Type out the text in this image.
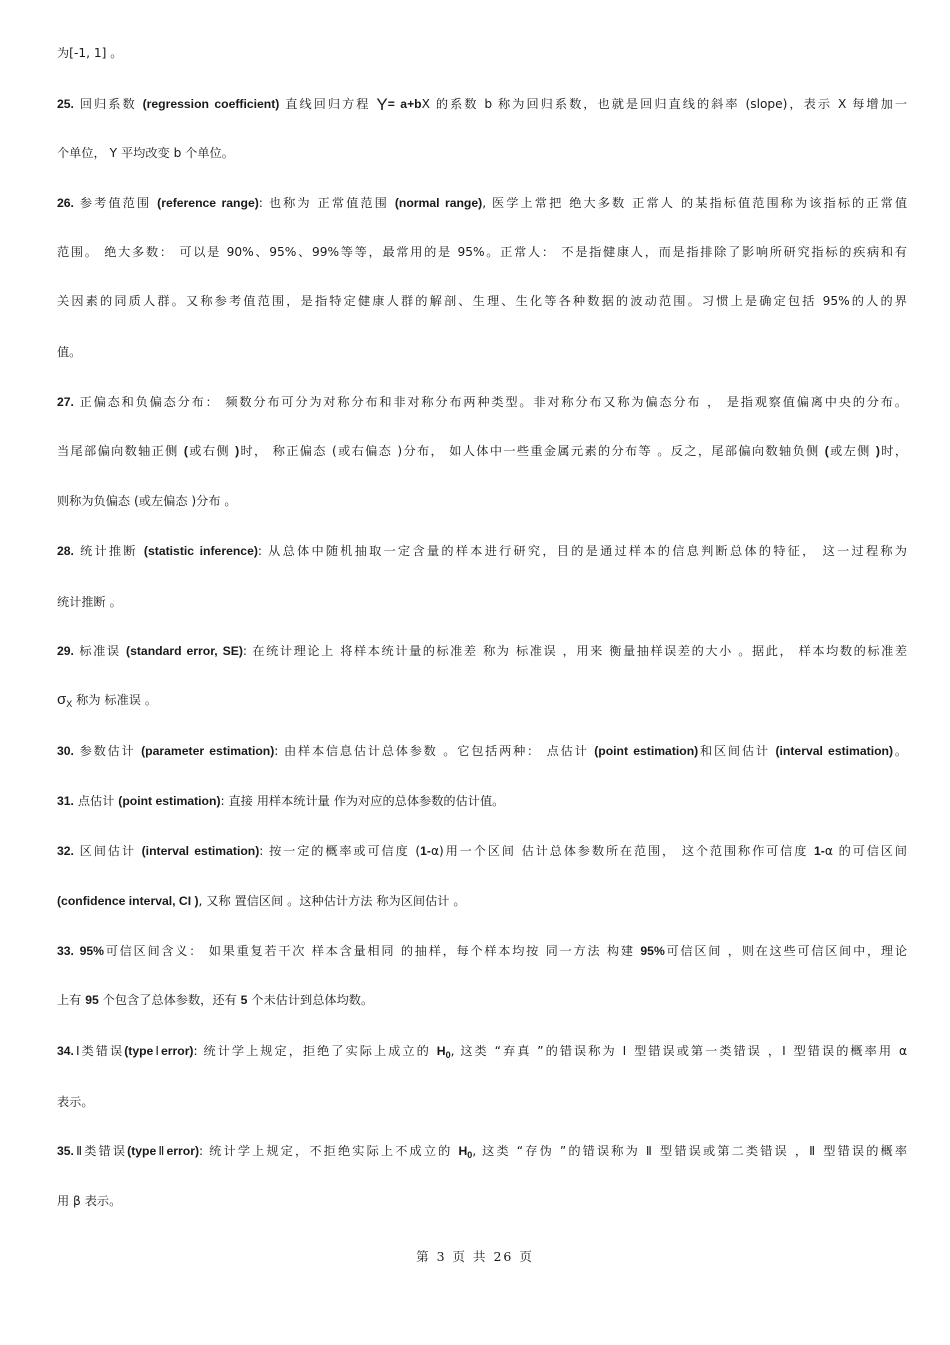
为[-1, 1] 。
25. 回归系数 (regression coefficient) 直线回归方程 Y= a+bX 的系数 b 称为回归系数，也就是回归直线的斜率 (slope)，表示 X 每增加一
个单位， Y 平均改变 b 个单位。
26. 参考值范围 (reference range): 也称为 正常值范围 (normal range), 医学上常把 绝大多数 正常人 的某指标值范围称为该指标的正常值
范围。 绝大多数： 可以是 90%、95%、99%等等，最常用的是 95%。正常人： 不是指健康人，而是指排除了影响所研究指标的疾病和有
关因素的同质人群。又称参考值范围，是指特定健康人群的解剖、生理、生化等各种数据的波动范围。习惯上是确定包括 95%的人的界
值。
27. 正偏态和负偏态分布： 频数分布可分为对称分布和非对称分布两种类型。非对称分布又称为偏态分布 ， 是指观察值偏离中央的分布。
当尾部偏向数轴正侧 (或右侧 )时， 称正偏态 (或右偏态 )分布， 如人体中一些重金属元素的分布等 。反之，尾部偏向数轴负侧 (或左侧 )时，
则称为负偏态 (或左偏态 )分布 。
28. 统计推断 (statistic inference): 从总体中随机抽取一定含量的样本进行研究，目的是通过样本的信息判断总体的特征， 这一过程称为
统计推断 。
29. 标准误 (standard error, SE): 在统计理论上 将样本统计量的标准差 称为 标准误 ，用来 衡量抽样误差的大小 。据此， 样本均数的标准差
$\sigma_X$ 称为 标准误 。
30. 参数估计 (parameter estimation): 由样本信息估计总体参数 。它包括两种： 点估计 (point estimation)和区间估计 (interval estimation)。
31. 点估计 (point estimation): 直接 用样本统计量 作为对应的总体参数的估计值。
32. 区间估计 (interval estimation): 按一定的概率或可信度 (1-α)用一个区间 估计总体参数所在范围， 这个范围称作可信度 1-α 的可信区间
(confidence interval, CI ), 又称 置信区间 。这种估计方法 称为区间估计 。
33. 95%可信区间含义： 如果重复若干次 样本含量相同 的抽样，每个样本均按 同一方法 构建 95%可信区间 ，则在这些可信区间中，理论
上有 95 个包含了总体参数，还有 5 个未估计到总体均数。
34.Ⅰ类错误(typeⅠerror): 统计学上规定，拒绝了实际上成立的 $H_0$, 这类 “弃真 ”的错误称为 Ⅰ 型错误或第一类错误 ，Ⅰ 型错误的概率用 α
表示。
35.Ⅱ类错误(typeⅡerror): 统计学上规定，不拒绝实际上不成立的 $H_0$, 这类 “存伪 ”的错误称为 Ⅱ 型错误或第二类错误 ，Ⅱ 型错误的概率
用 β 表示。
第 3 页 共 26 页
